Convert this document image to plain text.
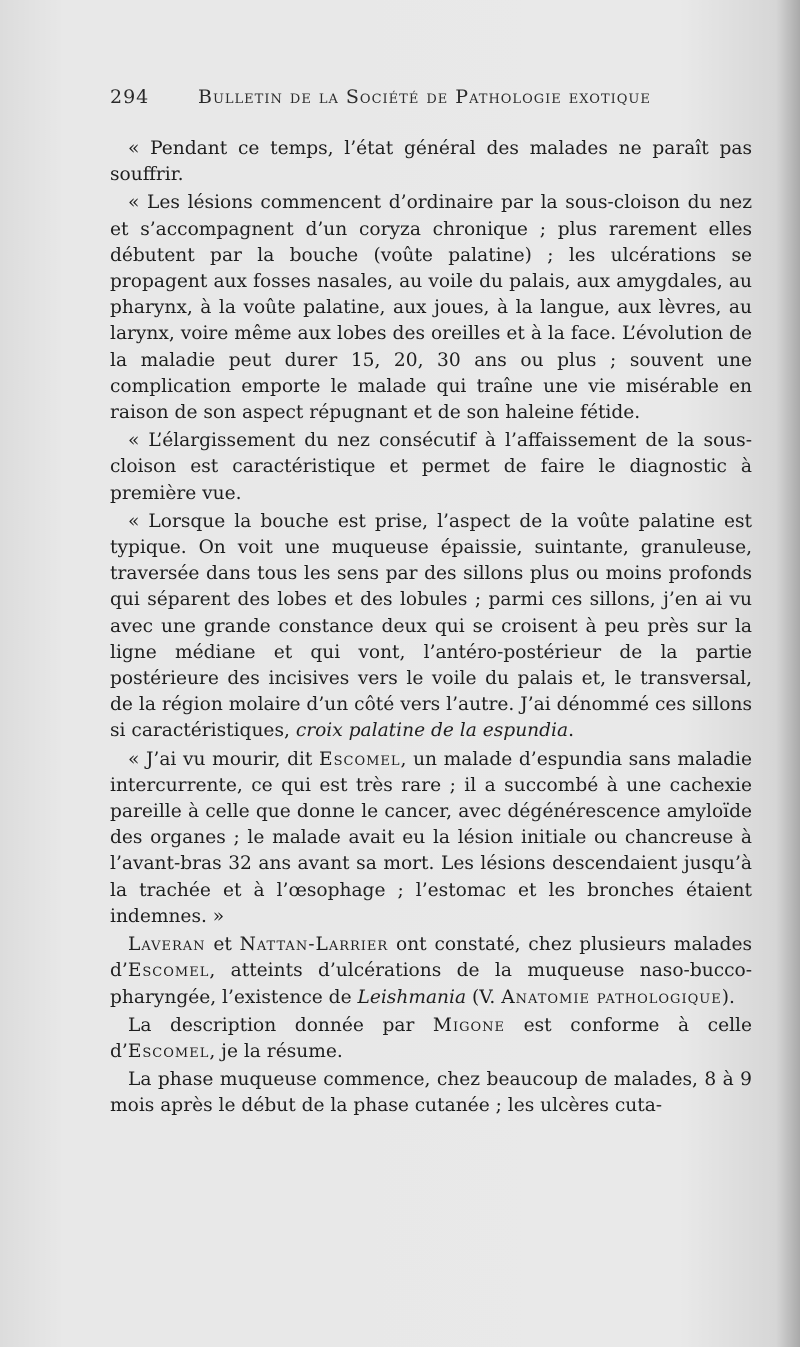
294	Bulletin de la Société de Pathologie exotique

« Pendant ce temps, l’état général des malades ne paraît pas souffrir.

« Les lésions commencent d’ordinaire par la sous-cloison du nez et s’accompagnent d’un coryza chronique ; plus rarement elles débutent par la bouche (voûte palatine) ; les ulcérations se propagent aux fosses nasales, au voile du palais, aux amygdales, au pharynx, à la voûte palatine, aux joues, à la langue, aux lèvres, au larynx, voire même aux lobes des oreilles et à la face. L’évolution de la maladie peut durer 15, 20, 30 ans ou plus ; souvent une complication emporte le malade qui traîne une vie misérable en raison de son aspect répugnant et de son haleine fétide.

« L’élargissement du nez consécutif à l’affaissement de la sous-cloison est caractéristique et permet de faire le diagnostic à première vue.

« Lorsque la bouche est prise, l’aspect de la voûte palatine est typique. On voit une muqueuse épaissie, suintante, granuleuse, traversée dans tous les sens par des sillons plus ou moins profonds qui séparent des lobes et des lobules ; parmi ces sillons, j’en ai vu avec une grande constance deux qui se croisent à peu près sur la ligne médiane et qui vont, l’antéro-postérieur de la partie postérieure des incisives vers le voile du palais et, le transversal, de la région molaire d’un côté vers l’autre. J’ai dénommé ces sillons si caractéristiques, croix palatine de la espundia.

« J’ai vu mourir, dit Escomel, un malade d’espundia sans maladie intercurrente, ce qui est très rare ; il a succombé à une cachexie pareille à celle que donne le cancer, avec dégénérescence amyloïde des organes ; le malade avait eu la lésion initiale ou chancreuse à l’avant-bras 32 ans avant sa mort. Les lésions descendaient jusqu’à la trachée et à l’œsophage ; l’estomac et les bronches étaient indemnes. »

Laveran et Nattan-Larrier ont constaté, chez plusieurs malades d’Escomel, atteints d’ulcérations de la muqueuse naso-bucco-pharyngée, l’existence de Leishmania (V. Anatomie pathologique).

La description donnée par Migone est conforme à celle d’Escomel, je la résume.

La phase muqueuse commence, chez beaucoup de malades, 8 à 9 mois après le début de la phase cutanée ; les ulcères cuta-
